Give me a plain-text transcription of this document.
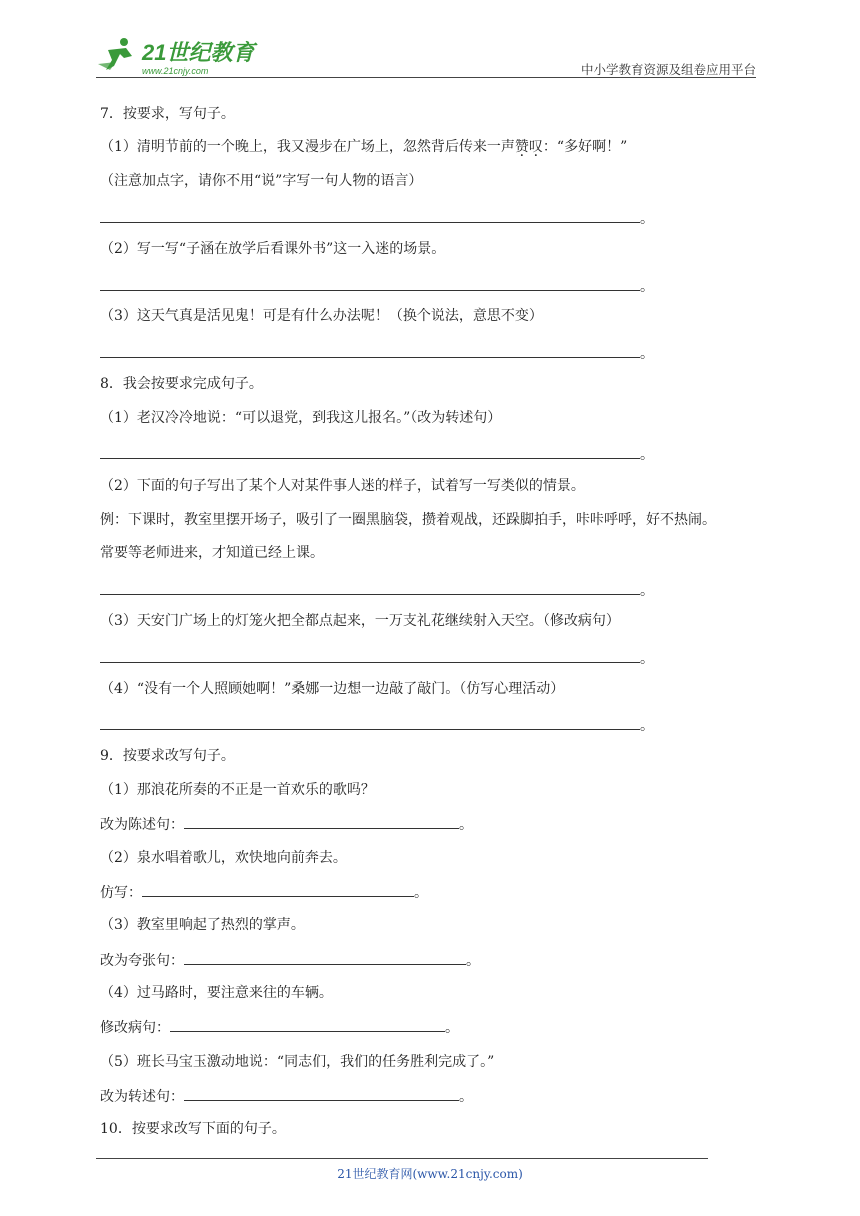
21世纪教育
www.21cnjy.com	中小学教育资源及组卷应用平台
7．按要求，写句子。
（1）清明节前的一个晚上，我又漫步在广场上，忽然背后传来一声赞叹：“多好啊！”
（注意加点字，请你不用“说”字写一句人物的语言）
。
（2）写一写“子涵在放学后看课外书”这一入迷的场景。
。
（3）这天气真是活见鬼！可是有什么办法呢！（换个说法，意思不变）
。
8．我会按要求完成句子。
（1）老汉冷冷地说：“可以退党，到我这儿报名。”（改为转述句）
。
（2）下面的句子写出了某个人对某件事人迷的样子，试着写一写类似的情景。
例：下课时，教室里摆开场子，吸引了一圈黑脑袋，攒着观战，还跺脚拍手，咔咔呼呼，好不热闹。
常要等老师进来，才知道已经上课。
。
（3）天安门广场上的灯笼火把全都点起来，一万支礼花继续射入天空。（修改病句）
。
（4）“没有一个人照顾她啊！”桑娜一边想一边敲了敲门。（仿写心理活动）
。
9．按要求改写句子。
（1）那浪花所奏的不正是一首欢乐的歌吗？
改为陈述句：	。
（2）泉水唱着歌儿，欢快地向前奔去。
仿写：	。
（3）教室里响起了热烈的掌声。
改为夸张句：	。
（4）过马路时，要注意来往的车辆。
修改病句：	。
（5）班长马宝玉激动地说：“同志们，我们的任务胜利完成了。”
改为转述句：	。
10．按要求改写下面的句子。
21世纪教育网(www.21cnjy.com)
